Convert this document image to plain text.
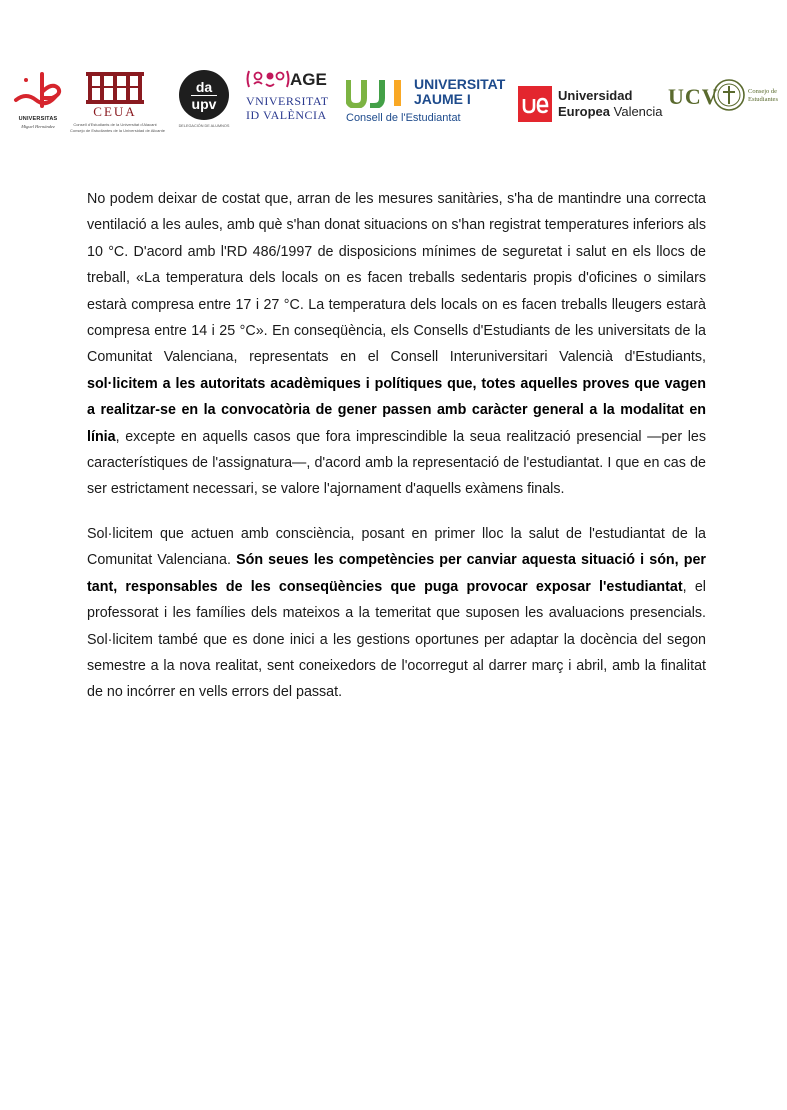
UNIVERSITAS
Miguel Hernández
CEUA
Consell d'Estudiants de la Universitat d'Alacant
Consejo de Estudiantes de la Universidad de Alicante
da
upv
DELEGACIÓN DE ALUMNOS
AGE
VNIVERSITAT
ID VALÈNCIA
UNIVERSITAT
JAUME I
Consell de l'Estudiantat
Universidad
Europea Valencia
UCV	Consejo de
Estudiantes

No podem deixar de costat que, arran de les mesures sanitàries, s'ha de mantindre una correcta ventilació a les aules, amb què s'han donat situacions on s'han registrat temperatures inferiors als 10 °C. D'acord amb l'RD 486/1997 de disposicions mínimes de seguretat i salut en els llocs de treball, «La temperatura dels locals on es facen treballs sedentaris propis d'oficines o similars estarà compresa entre 17 i 27 °C. La temperatura dels locals on es facen treballs lleugers estarà compresa entre 14 i 25 °C». En conseqüència, els Consells d'Estudiants de les universitats de la Comunitat Valenciana, representats en el Consell Interuniversitari Valencià d'Estudiants, sol·licitem a les autoritats acadèmiques i polítiques que, totes aquelles proves que vagen a realitzar-se en la convocatòria de gener passen amb caràcter general a la modalitat en línia, excepte en aquells casos que fora imprescindible la seua realització presencial —per les característiques de l'assignatura—, d'acord amb la representació de l'estudiantat. I que en cas de ser estrictament necessari, se valore l'ajornament d'aquells exàmens finals.

Sol·licitem que actuen amb consciència, posant en primer lloc la salut de l'estudiantat de la Comunitat Valenciana. Són seues les competències per canviar aquesta situació i són, per tant, responsables de les conseqüències que puga provocar exposar l'estudiantat, el professorat i les famílies dels mateixos a la temeritat que suposen les avaluacions presencials. Sol·licitem també que es done inici a les gestions oportunes per adaptar la docència del segon semestre a la nova realitat, sent coneixedors de l'ocorregut al darrer març i abril, amb la finalitat de no incórrer en vells errors del passat.
